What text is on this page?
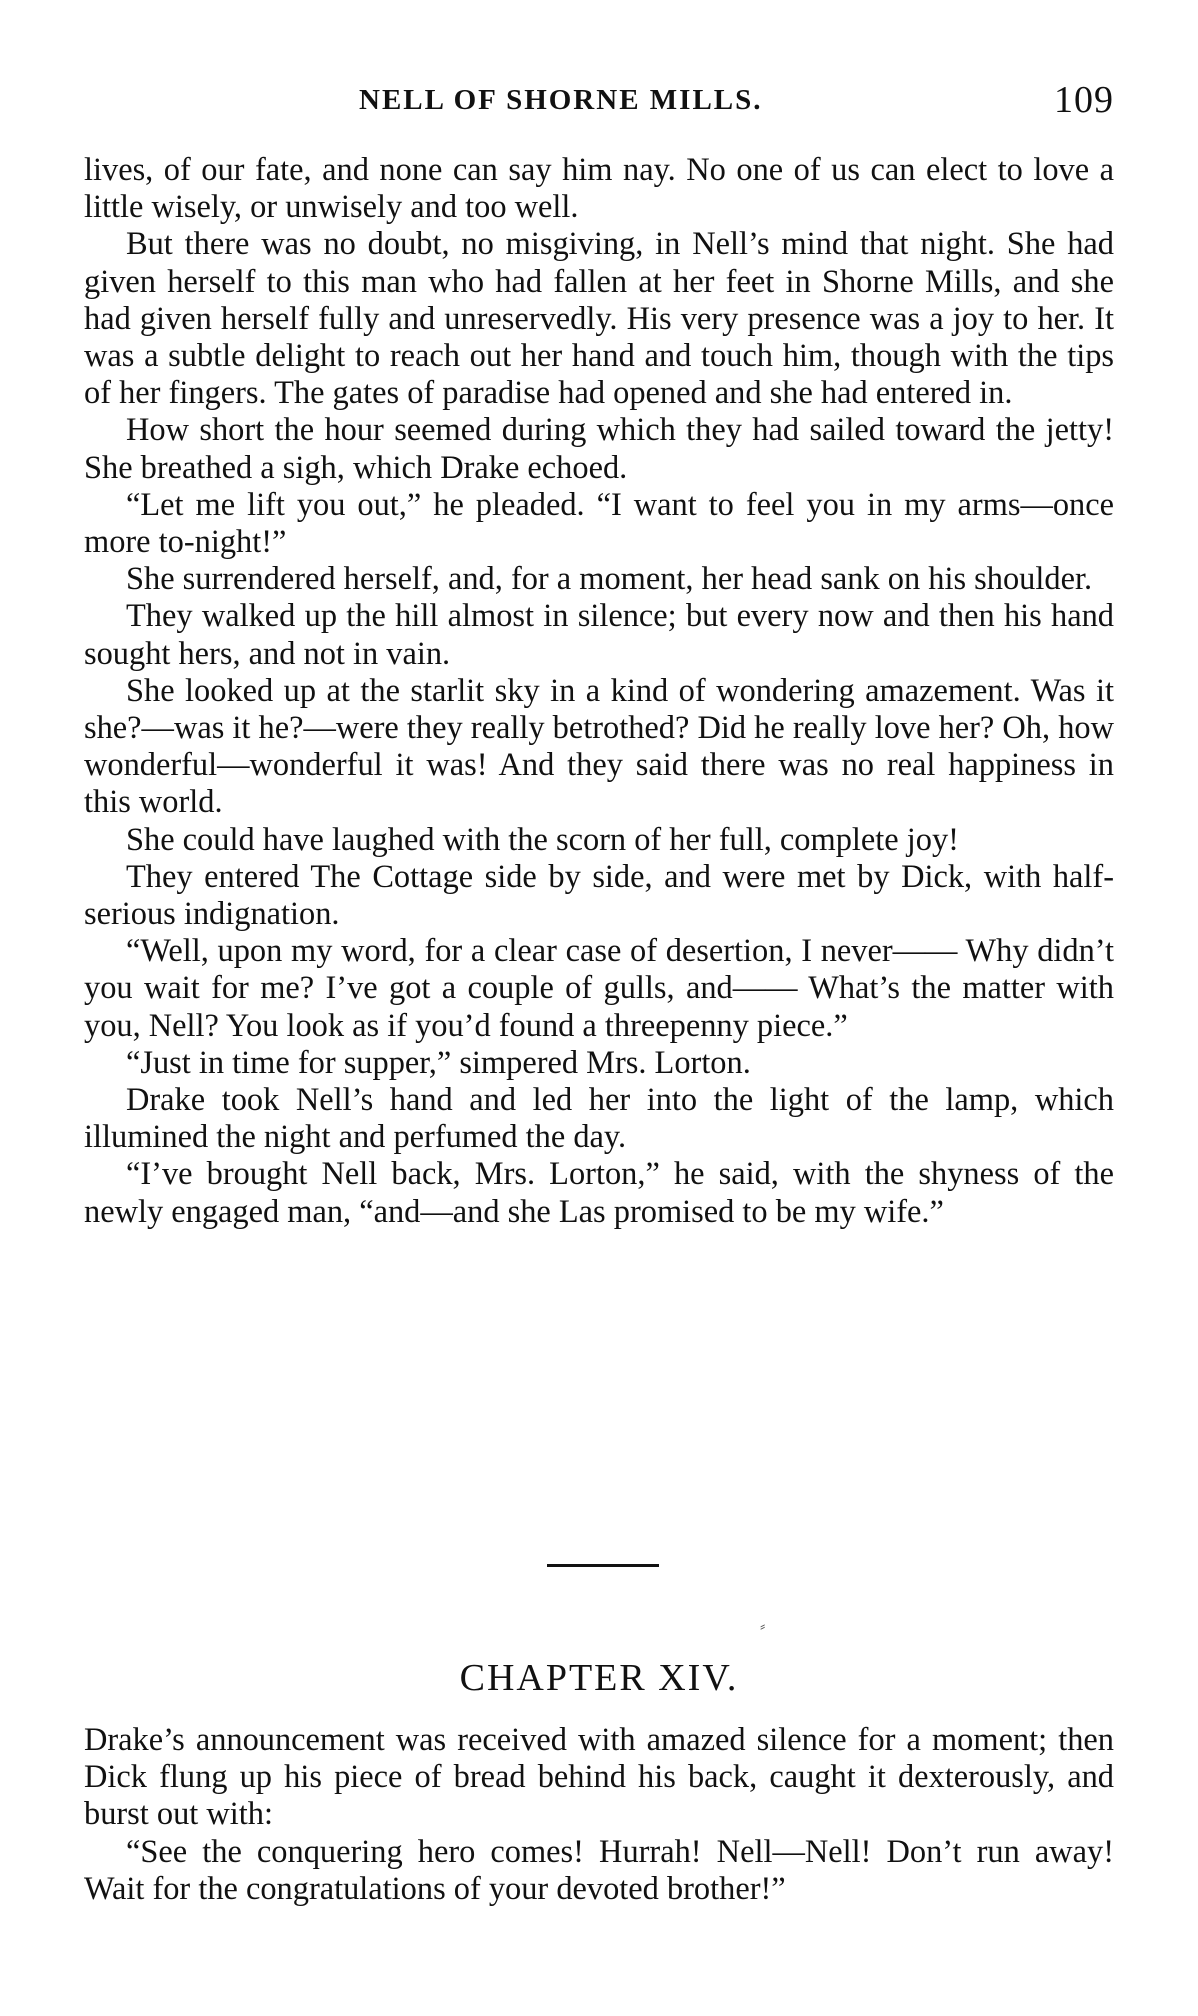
NELL OF SHORNE MILLS.	109

lives, of our fate, and none can say him nay. No one of us can elect to love a little wisely, or unwisely and too well.

But there was no doubt, no misgiving, in Nell’s mind that night. She had given herself to this man who had fallen at her feet in Shorne Mills, and she had given herself fully and unreservedly. His very presence was a joy to her. It was a subtle delight to reach out her hand and touch him, though with the tips of her fingers. The gates of paradise had opened and she had entered in.

How short the hour seemed during which they had sailed toward the jetty! She breathed a sigh, which Drake echoed.

“Let me lift you out,” he pleaded. “I want to feel you in my arms—once more to-night!”

She surrendered herself, and, for a moment, her head sank on his shoulder.

They walked up the hill almost in silence; but every now and then his hand sought hers, and not in vain.

She looked up at the starlit sky in a kind of wondering amazement. Was it she?—was it he?—were they really betrothed? Did he really love her? Oh, how wonderful—wonderful it was! And they said there was no real happiness in this world.

She could have laughed with the scorn of her full, complete joy!

They entered The Cottage side by side, and were met by Dick, with half-serious indignation.

“Well, upon my word, for a clear case of desertion, I never—— Why didn’t you wait for me? I’ve got a couple of gulls, and—— What’s the matter with you, Nell? You look as if you’d found a threepenny piece.”

“Just in time for supper,” simpered Mrs. Lorton.

Drake took Nell’s hand and led her into the light of the lamp, which illumined the night and perfumed the day.

“I’ve brought Nell back, Mrs. Lorton,” he said, with the shyness of the newly engaged man, “and—and she Las promised to be my wife.”

⸗
CHAPTER XIV.

Drake’s announcement was received with amazed silence for a moment; then Dick flung up his piece of bread behind his back, caught it dexterously, and burst out with:

“See the conquering hero comes! Hurrah! Nell—Nell! Don’t run away! Wait for the congratulations of your devoted brother!”
